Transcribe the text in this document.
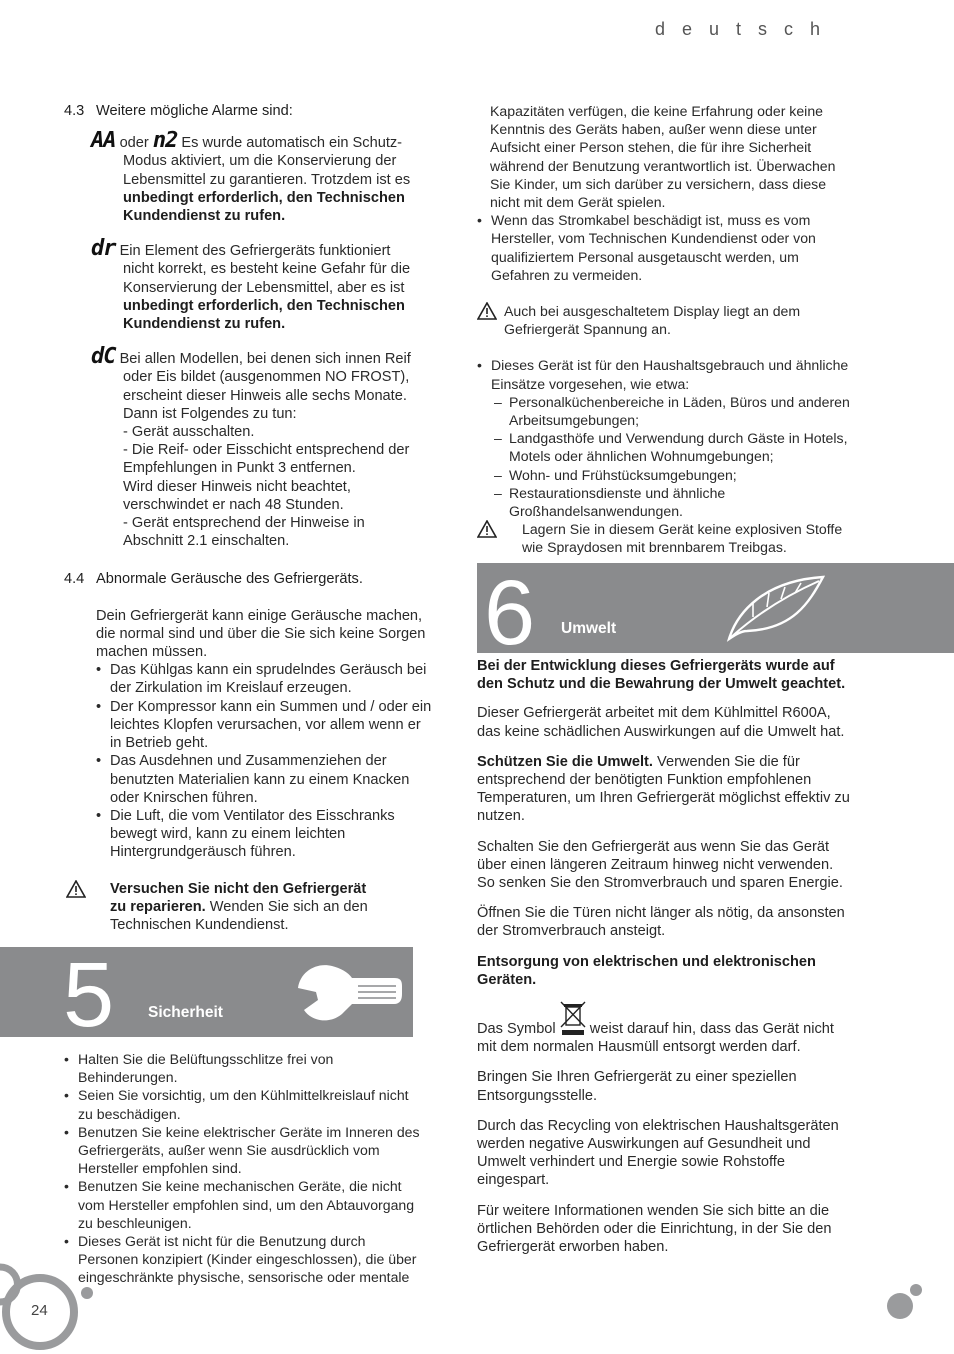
d e u t s c h

4.3 Weitere mögliche Alarme sind:

AA oder n2 Es wurde automatisch ein Schutz-

Modus aktiviert, um die Konservierung der Lebensmittel zu garantieren. Trotzdem ist es

unbedingt erforderlich, den Technischen Kundendienst zu rufen.

dr Ein Element des Gefriergeräts funktioniert

nicht korrekt, es besteht keine Gefahr für die Konservierung der Lebensmittel, aber es ist

unbedingt erforderlich, den Technischen Kundendienst zu rufen.

dC Bei allen Modellen, bei denen sich innen Reif

oder Eis bildet (ausgenommen NO FROST),

erscheint dieser Hinweis alle sechs Monate.

Dann ist Folgendes zu tun:

- Gerät ausschalten.

- Die Reif- oder Eisschicht entsprechend der

Empfehlungen in Punkt 3 entfernen.

Wird dieser Hinweis nicht beachtet,

verschwindet er nach 48 Stunden.

- Gerät entsprechend der Hinweise in

Abschnitt 2.1 einschalten.

4.4 Abnormale Geräusche des Gefriergeräts.

Dein Gefriergerät kann einige Geräusche machen, die normal sind und über die Sie sich keine Sorgen machen müssen.

• Das Kühlgas kann ein sprudelndes Geräusch bei der Zirkulation im Kreislauf erzeugen.
• Der Kompressor kann ein Summen und / oder ein leichtes Klopfen verursachen, vor allem wenn er in Betrieb geht.
• Das Ausdehnen und Zusammenziehen der benutzten Materialien kann zu einem Knacken oder Knirschen führen.
• Die Luft, die vom Ventilator des Eisschranks bewegt wird, kann zu einem leichten Hintergrundgeräusch führen.

Versuchen Sie nicht den Gefriergerät zu reparieren. Wenden Sie sich an den Technischen Kundendienst.

5 Sicherheit
• Halten Sie die Belüftungsschlitze frei von Behinderungen.
• Seien Sie vorsichtig, um den Kühlmittelkreislauf nicht zu beschädigen.
• Benutzen Sie keine elektrischer Geräte im Inneren des Gefriergeräts, außer wenn Sie ausdrücklich vom Hersteller empfohlen sind.
• Benutzen Sie keine mechanischen Geräte, die nicht vom Hersteller empfohlen sind, um den Abtauvorgang zu beschleunigen.
• Dieses Gerät ist nicht für die Benutzung durch Personen konzipiert (Kinder eingeschlossen), die über eingeschränkte physische, sensorische oder mentale

Kapazitäten verfügen, die keine Erfahrung oder keine Kenntnis des Geräts haben, außer wenn diese unter Aufsicht einer Person stehen, die für ihre Sicherheit während der Benutzung verantwortlich ist. Überwachen Sie Kinder, um sich darüber zu versichern, dass diese nicht mit dem Gerät spielen.

• Wenn das Stromkabel beschädigt ist, muss es vom Hersteller, vom Technischen Kundendienst oder von qualifiziertem Personal ausgetauscht werden, um Gefahren zu vermeiden.

Auch bei ausgeschaltetem Display liegt an dem Gefriergerät Spannung an.

• Dieses Gerät ist für den Haushaltsgebrauch und ähnliche Einsätze vorgesehen, wie etwa:
– Personalküchenbereiche in Läden, Büros und anderen Arbeitsumgebungen;
– Landgasthöfe und Verwendung durch Gäste in Hotels, Motels oder ähnlichen Wohnumgebungen;
– Wohn- und Frühstücksumgebungen;
– Restaurationsdienste und ähnliche Großhandelsanwendungen.

Lagern Sie in diesem Gerät keine explosiven Stoffe wie Spraydosen mit brennbarem Treibgas.

6 Umwelt

Bei der Entwicklung dieses Gefriergeräts wurde auf den Schutz und die Bewahrung der Umwelt geachtet.

Dieser Gefriergerät arbeitet mit dem Kühlmittel R600A, das keine schädlichen Auswirkungen auf die Umwelt hat.

Schützen Sie die Umwelt. Verwenden Sie die für entsprechend der benötigten Funktion empfohlenen Temperaturen, um Ihren Gefriergerät möglichst effektiv zu nutzen.

Schalten Sie den Gefriergerät aus wenn Sie das Gerät über einen längeren Zeitraum hinweg nicht verwenden. So senken Sie den Stromverbrauch und sparen Energie.

Öffnen Sie die Türen nicht länger als nötig, da ansonsten der Stromverbrauch ansteigt.

Entsorgung von elektrischen und elektronischen Geräten.

Das Symbol weist darauf hin, dass das Gerät nicht

mit dem normalen Hausmüll entsorgt werden darf.

Bringen Sie Ihren Gefriergerät zu einer speziellen Entsorgungsstelle.

Durch das Recycling von elektrischen Haushaltsgeräten werden negative Auswirkungen auf Gesundheit und Umwelt verhindert und Energie sowie Rohstoffe eingespart.

Für weitere Informationen wenden Sie sich bitte an die örtlichen Behörden oder die Einrichtung, in der Sie den Gefriergerät erworben haben.

24
